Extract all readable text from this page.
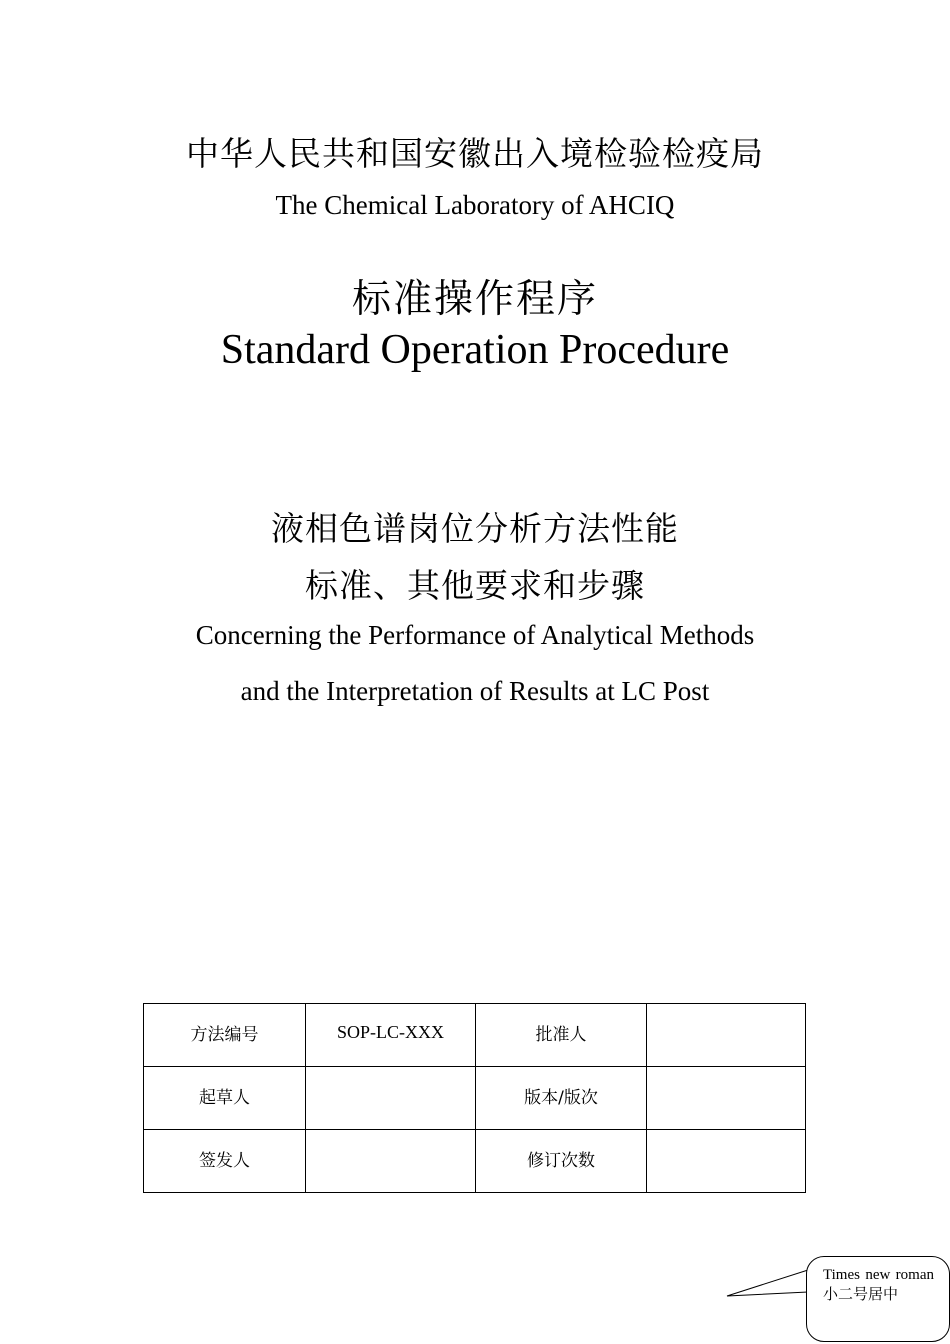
中华人民共和国安徽出入境检验检疫局
The Chemical Laboratory of AHCIQ
标准操作程序
Standard Operation Procedure
液相色谱岗位分析方法性能
标准、其他要求和步骤
Concerning the Performance of Analytical Methods
and the Interpretation of Results at LC Post
方法编号	SOP-LC-XXX	批准人	
起草人		版本/版次	
签发人		修订次数	
Times new roman 小二号居中
